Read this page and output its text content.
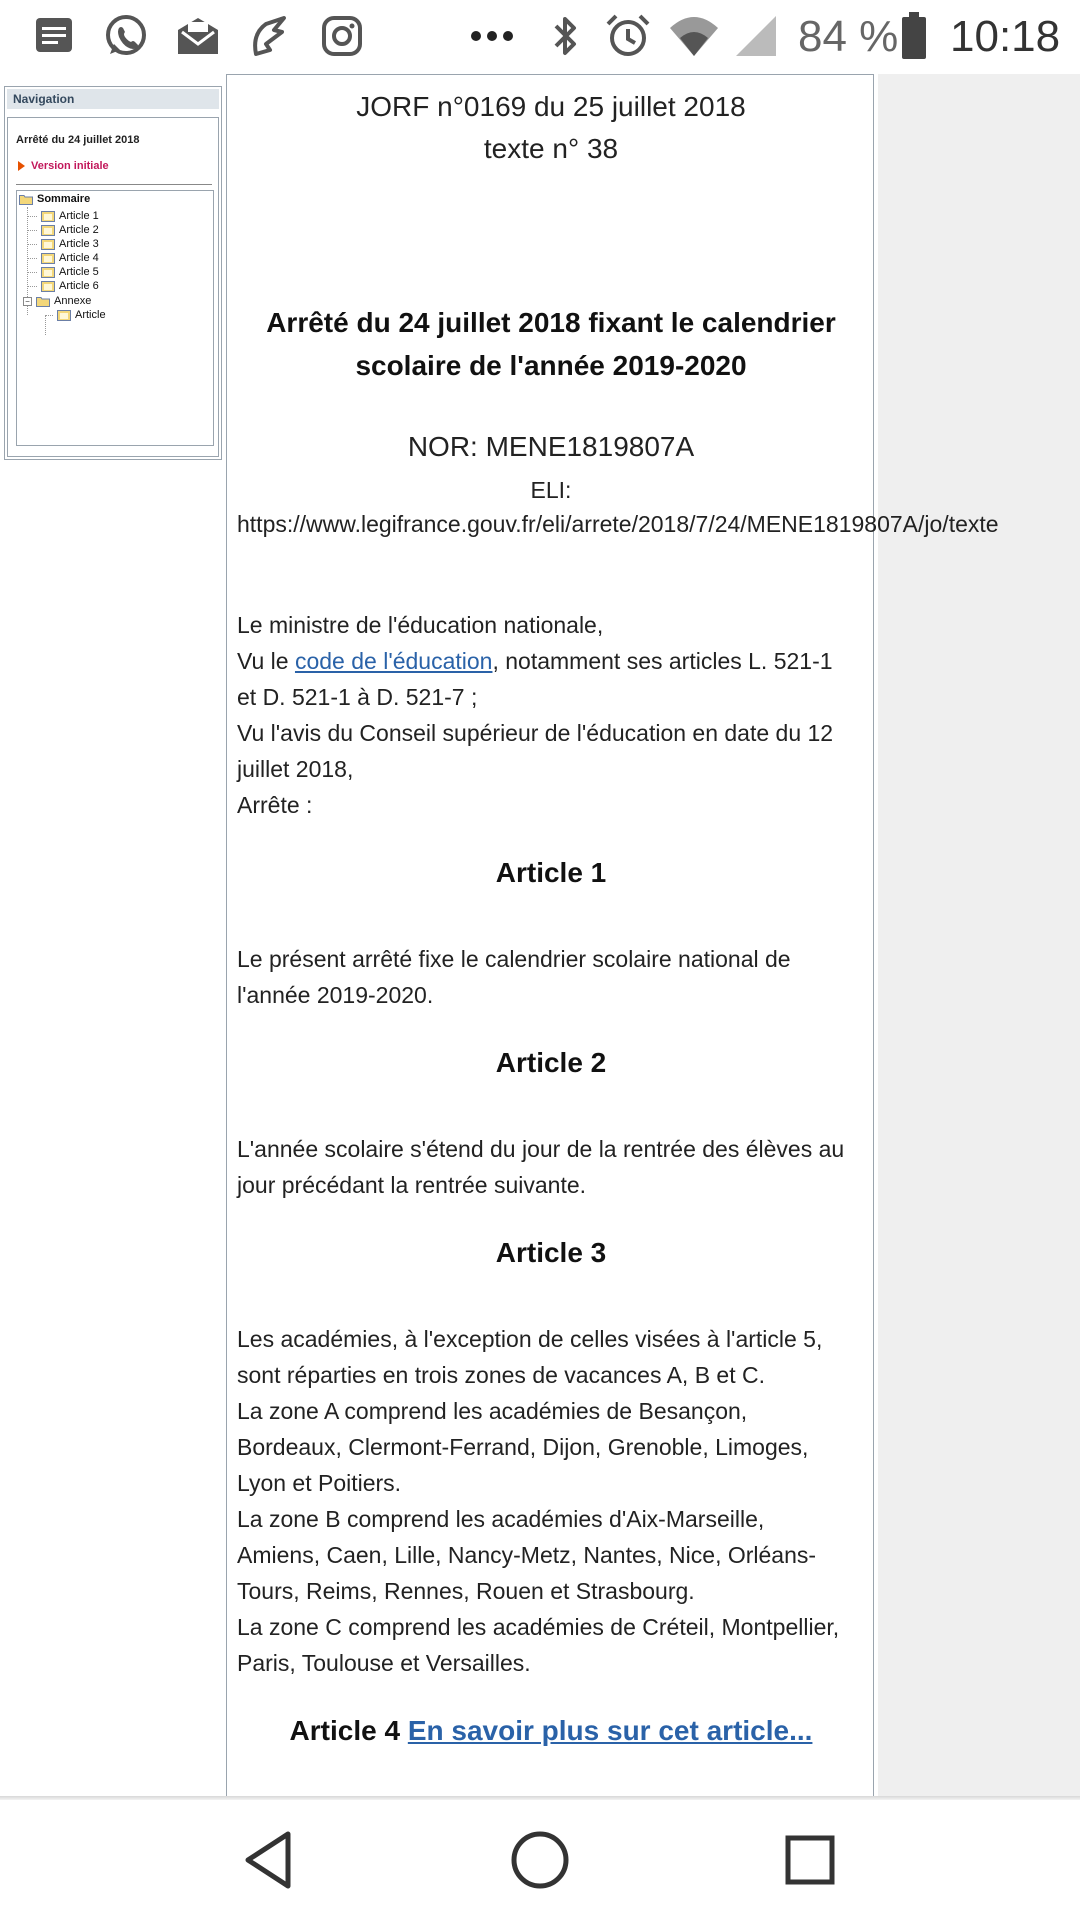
84 % 10:18
Navigation
Arrêté du 24 juillet 2018
Version initiale
Sommaire
Article 1
Article 2
Article 3
Article 4
Article 5
Article 6
− Annexe
Article
JORF n°0169 du 25 juillet 2018
texte n° 38
Arrêté du 24 juillet 2018 fixant le calendrier
scolaire de l'année 2019-2020
NOR: MENE1819807A
ELI:
https://www.legifrance.gouv.fr/eli/arrete/2018/7/24/MENE1819807A/jo/texte
Le ministre de l'éducation nationale,
Vu le code de l'éducation, notamment ses articles L. 521-1
et D. 521-1 à D. 521-7 ;
Vu l'avis du Conseil supérieur de l'éducation en date du 12
juillet 2018,
Arrête :
Article 1
Le présent arrêté fixe le calendrier scolaire national de
l'année 2019-2020.
Article 2
L'année scolaire s'étend du jour de la rentrée des élèves au
jour précédant la rentrée suivante.
Article 3
Les académies, à l'exception de celles visées à l'article 5,
sont réparties en trois zones de vacances A, B et C.
La zone A comprend les académies de Besançon,
Bordeaux, Clermont-Ferrand, Dijon, Grenoble, Limoges,
Lyon et Poitiers.
La zone B comprend les académies d'Aix-Marseille,
Amiens, Caen, Lille, Nancy-Metz, Nantes, Nice, Orléans-
Tours, Reims, Rennes, Rouen et Strasbourg.
La zone C comprend les académies de Créteil, Montpellier,
Paris, Toulouse et Versailles.
Article 4 En savoir plus sur cet article...
